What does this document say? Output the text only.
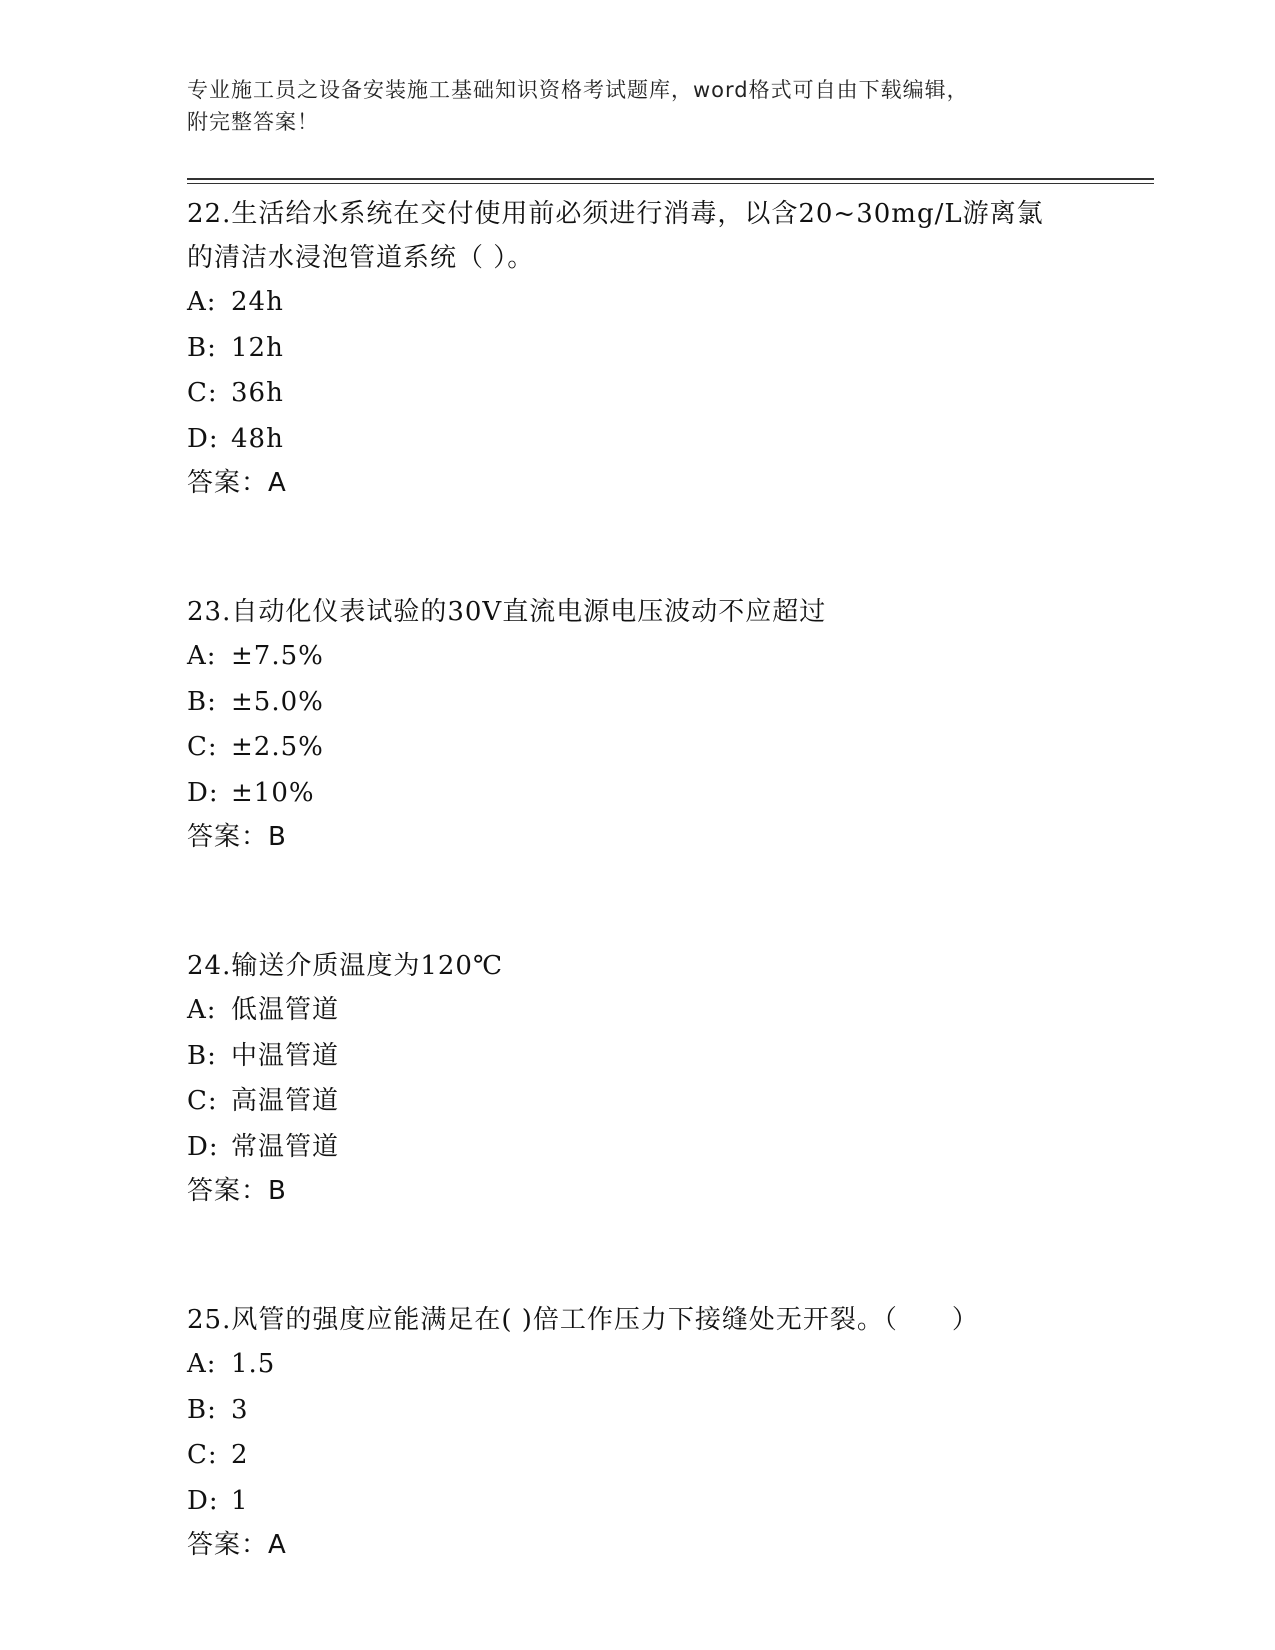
专业施工员之设备安装施工基础知识资格考试题库，word格式可自由下载编辑，
附完整答案！

22.生活给水系统在交付使用前必须进行消毒，以含20~30mg/L游离氯
的清洁水浸泡管道系统（ ）。

A: 24h
B: 12h
C: 36h
D: 48h
答案：A

23.自动化仪表试验的30V直流电源电压波动不应超过

A: ±7.5%
B: ±5.0%
C: ±2.5%
D: ±10%
答案：B

24.输送介质温度为120℃

A: 低温管道
B: 中温管道
C: 高温管道
D: 常温管道
答案：B

25.风管的强度应能满足在( )倍工作压力下接缝处无开裂。（　　）

A: 1.5
B: 3
C: 2
D: 1
答案：A
